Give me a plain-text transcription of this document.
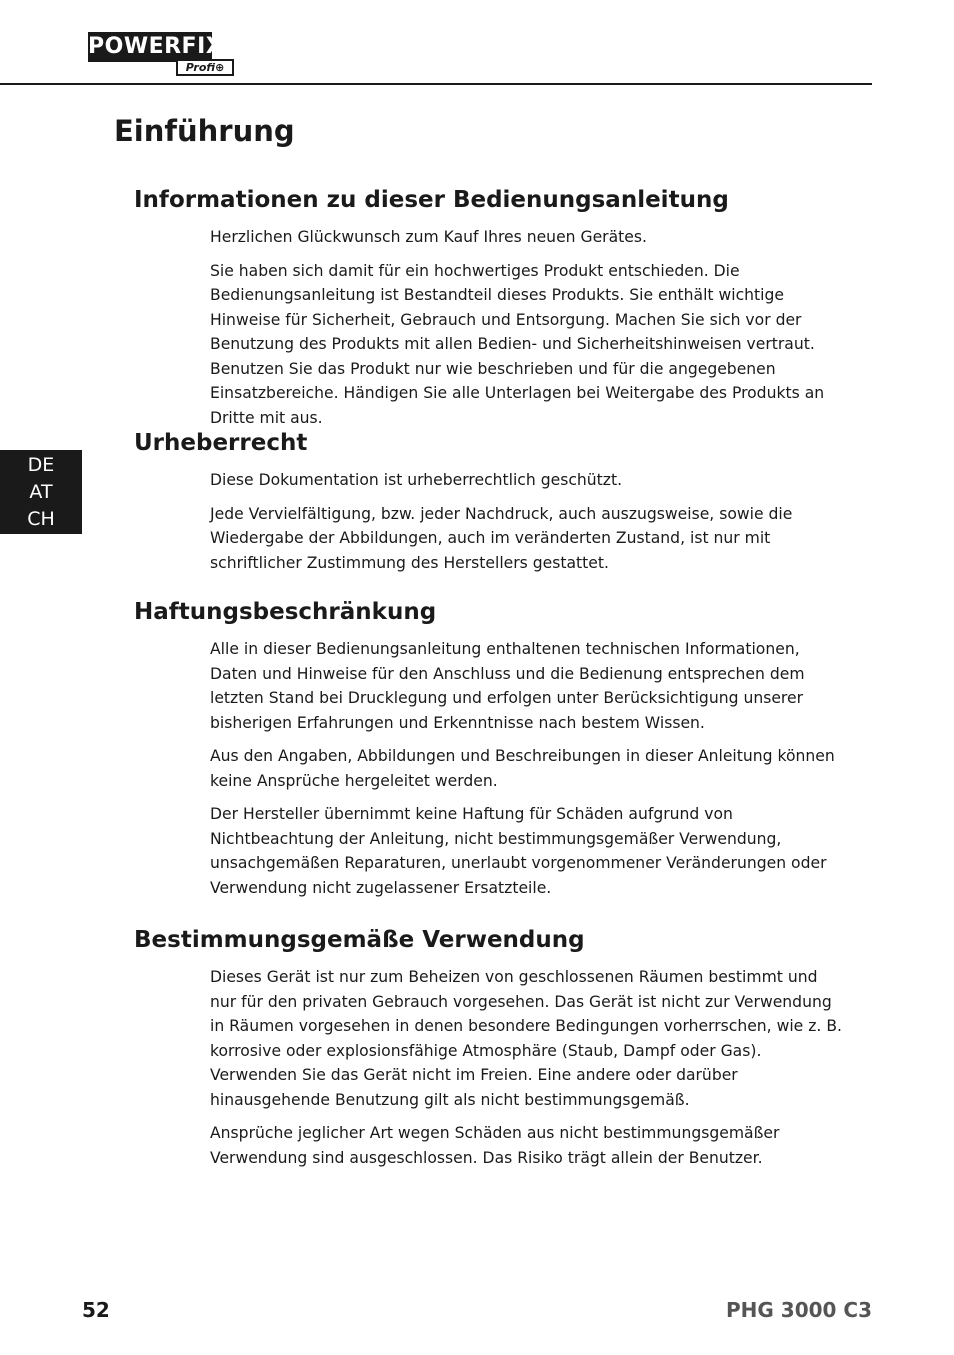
POWERFIX
Profi⊕
Einführung
Informationen zu dieser Bedienungsanleitung

Herzlichen Glückwunsch zum Kauf Ihres neuen Gerätes.

Sie haben sich damit für ein hochwertiges Produkt entschieden. Die Bedienungsanleitung ist Bestandteil dieses Produkts. Sie enthält wichtige Hinweise für Sicherheit, Gebrauch und Entsorgung. Machen Sie sich vor der Benutzung des Produkts mit allen Bedien- und Sicherheitshinweisen vertraut. Benutzen Sie das Produkt nur wie beschrieben und für die angegebenen Einsatzbereiche. Händigen Sie alle Unterlagen bei Weitergabe des Produkts an Dritte mit aus.

Urheberrecht

Diese Dokumentation ist urheberrechtlich geschützt.

Jede Vervielfältigung, bzw. jeder Nachdruck, auch auszugsweise, sowie die Wiedergabe der Abbildungen, auch im veränderten Zustand, ist nur mit schriftlicher Zustimmung des Herstellers gestattet.

Haftungsbeschränkung

Alle in dieser Bedienungsanleitung enthaltenen technischen Informationen, Daten und Hinweise für den Anschluss und die Bedienung entsprechen dem letzten Stand bei Drucklegung und erfolgen unter Berücksichtigung unserer bisherigen Erfahrungen und Erkenntnisse nach bestem Wissen.

Aus den Angaben, Abbildungen und Beschreibungen in dieser Anleitung können keine Ansprüche hergeleitet werden.

Der Hersteller übernimmt keine Haftung für Schäden aufgrund von Nichtbeachtung der Anleitung, nicht bestimmungsgemäßer Verwendung, unsachgemäßen Reparaturen, unerlaubt vorgenommener Veränderungen oder Verwendung nicht zugelassener Ersatzteile.

Bestimmungsgemäße Verwendung

Dieses Gerät ist nur zum Beheizen von geschlossenen Räumen bestimmt und nur für den privaten Gebrauch vorgesehen. Das Gerät ist nicht zur Verwendung in Räumen vorgesehen in denen besondere Bedingungen vorherrschen, wie z. B. korrosive oder explosionsfähige Atmosphäre (Staub, Dampf oder Gas). Verwenden Sie das Gerät nicht im Freien. Eine andere oder darüber hinausgehende Benutzung gilt als nicht bestimmungsgemäß.

Ansprüche jeglicher Art wegen Schäden aus nicht bestimmungsgemäßer Verwendung sind ausgeschlossen. Das Risiko trägt allein der Benutzer.

DE
AT
CH
52	PHG 3000 C3
